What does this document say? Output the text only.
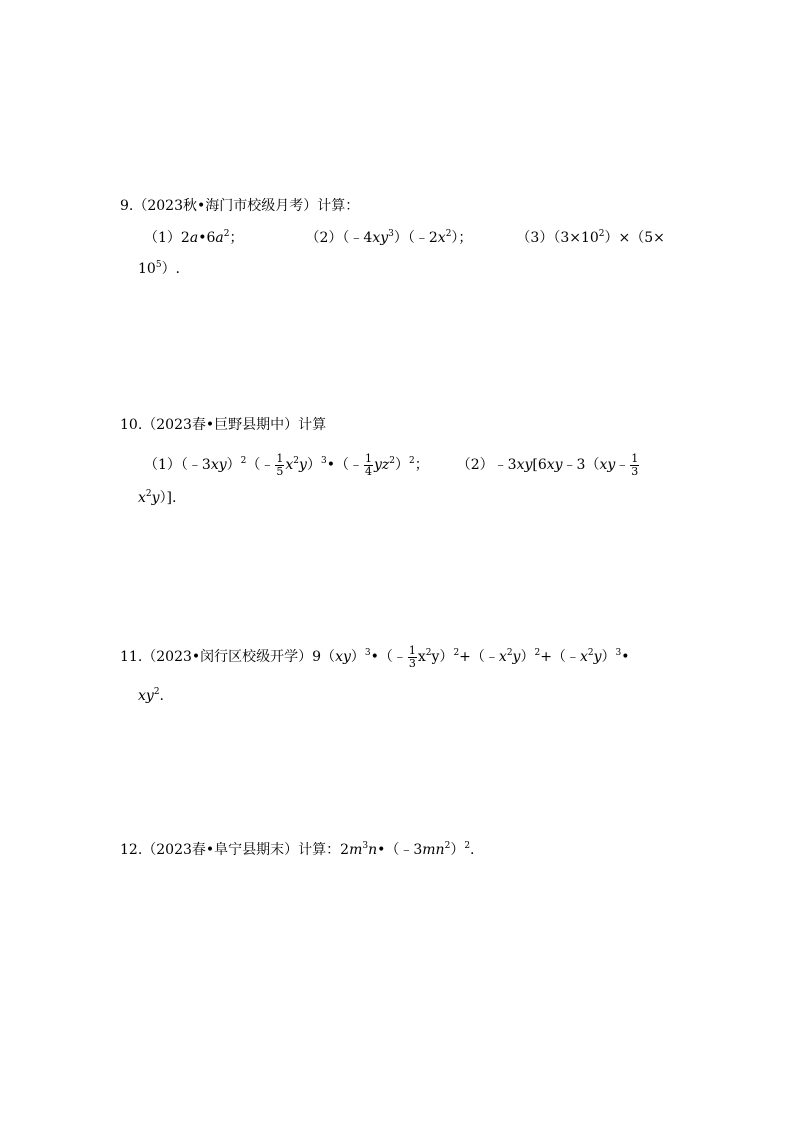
9.（2023秋•海门市校级月考）计算：
$(1)2a•6a^2$；	$(2)(﹣4xy^3)(﹣2x^2)$；	$(3)(3\times 10^2)\times(5\times$
$10^5$）.
10.（2023春•巨野县期中）计算
（1）（﹣3xy）$^2$（﹣ $\frac{1}{5}$ $x^2y)^3•(﹣ \frac{1}{4} yz^2)^2$； （2）﹣3xy[6xy﹣3（xy﹣ $\frac{1}{3}$
$x^2y$）].
11.（2023•闵行区校级开学）9（xy）$^3$•（﹣ $\frac{1}{3}$ $x^2y)^2+(﹣x^2y)^2+(﹣x^2y)^3•$
$xy^2$.
12.（2023春•阜宁县期末）计算：$2m^3n•(﹣3mn^2)^2$.
